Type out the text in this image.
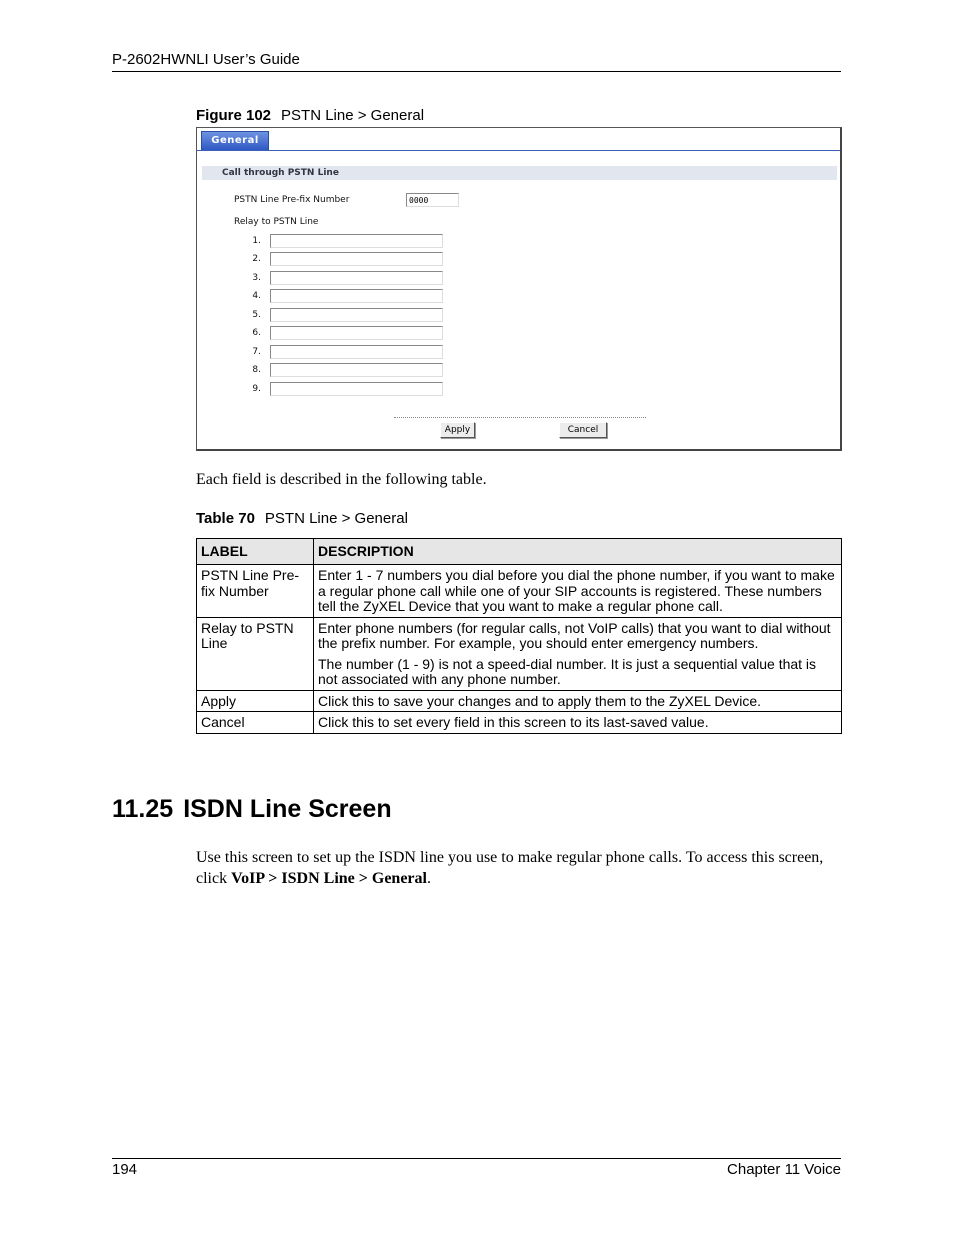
P-2602HWNLI User’s Guide
Figure 102 PSTN Line > General
General
Call through PSTN Line
PSTN Line Pre-fix Number
0000
Relay to PSTN Line
1.
2.
3.
4.
5.
6.
7.
8.
9.
Apply	Cancel
Each field is described in the following table.
Table 70 PSTN Line > General
LABEL	DESCRIPTION
PSTN Line Pre-fix Number	Enter 1 - 7 numbers you dial before you dial the phone number, if you want to make a regular phone call while one of your SIP accounts is registered. These numbers tell the ZyXEL Device that you want to make a regular phone call.

Relay to PSTN Line	Enter phone numbers (for regular calls, not VoIP calls) that you want to dial without the prefix number. For example, you should enter emergency numbers.

The number (1 - 9) is not a speed-dial number. It is just a sequential value that is not associated with any phone number.

Apply	Click this to save your changes and to apply them to the ZyXEL Device.

Cancel	Click this to set every field in this screen to its last-saved value.

11.25 ISDN Line Screen
Use this screen to set up the ISDN line you use to make regular phone calls. To access this screen, click VoIP > ISDN Line > General.
194	Chapter 11 Voice
